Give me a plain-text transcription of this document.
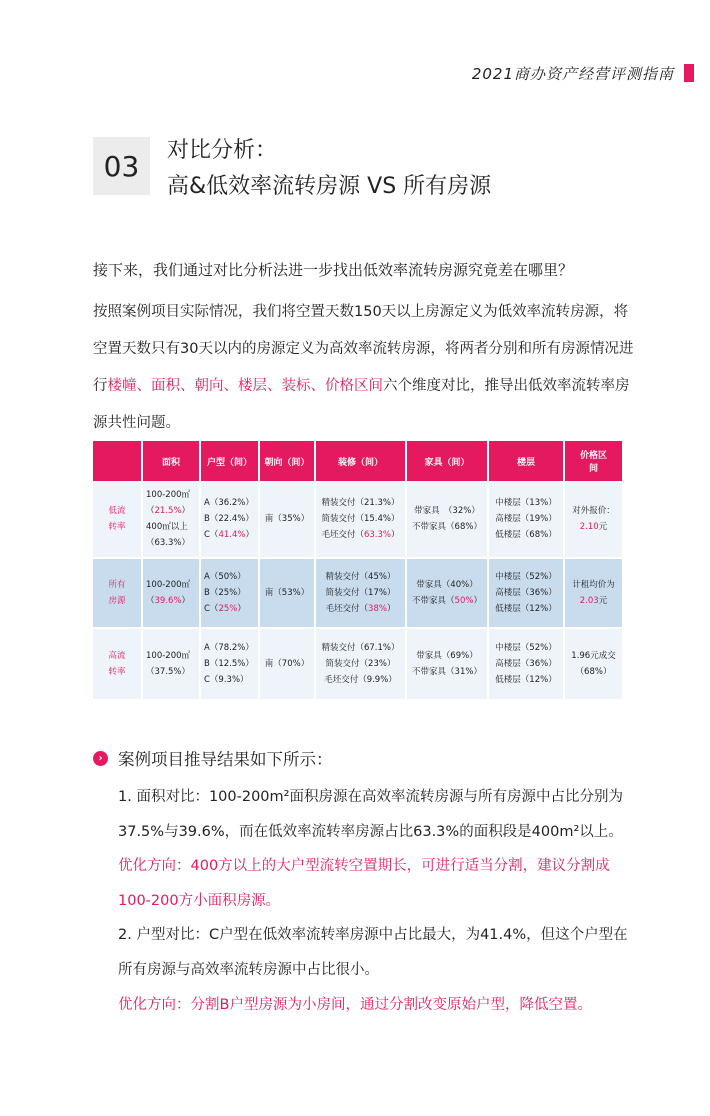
2021商办资产经营评测指南
03	对比分析：
高&低效率流转房源 VS 所有房源
接下来，我们通过对比分析法进一步找出低效率流转房源究竟差在哪里？
按照案例项目实际情况，我们将空置天数150天以上房源定义为低效率流转房源，将空置天数只有30天以内的房源定义为高效率流转房源，将两者分别和所有房源情况进行楼幢、面积、朝向、楼层、装标、价格区间六个维度对比，推导出低效率流转率房源共性问题。
	面积	户型（间）	朝向（间）	装修（间）	家具（间）	楼层	价格区间
低流转率	100-200㎡
（21.5%）
400㎡以上
（63.3%）	A（36.2%）
B（22.4%）
C（41.4%）	南（35%）	精装交付（21.3%）
简装交付（15.4%）
毛坯交付（63.3%）	带家具　（32%）
不带家具（68%）	中楼层（13%）
高楼层（19%）
低楼层（68%）	对外报价：
2.10元

所有房源	100-200㎡
（39.6%）	A（50%）
B（25%）
C（25%）	南（53%）	精装交付（45%）
简装交付（17%）
毛坯交付（38%）	带家具（40%）
不带家具（50%）	中楼层（52%）
高楼层（36%）
低楼层（12%）	计租均价为
2.03元

高流转率	100-200㎡
（37.5%）	A（78.2%）
B（12.5%）
C（9.3%）	南（70%）	精装交付（67.1%）
简装交付（23%）
毛坯交付（9.9%）	带家具（69%）
不带家具（31%）	中楼层（52%）
高楼层（36%）
低楼层（12%）	1.96元成交
（68%）
› 案例项目推导结果如下所示：
1. 面积对比：100-200m²面积房源在高效率流转房源与所有房源中占比分别为37.5%与39.6%，而在低效率流转率房源占比63.3%的面积段是400m²以上。
优化方向：400方以上的大户型流转空置期长，可进行适当分割，建议分割成100-200方小面积房源。
2. 户型对比：C户型在低效率流转率房源中占比最大，为41.4%，但这个户型在所有房源与高效率流转房源中占比很小。
优化方向：分割B户型房源为小房间，通过分割改变原始户型，降低空置。
